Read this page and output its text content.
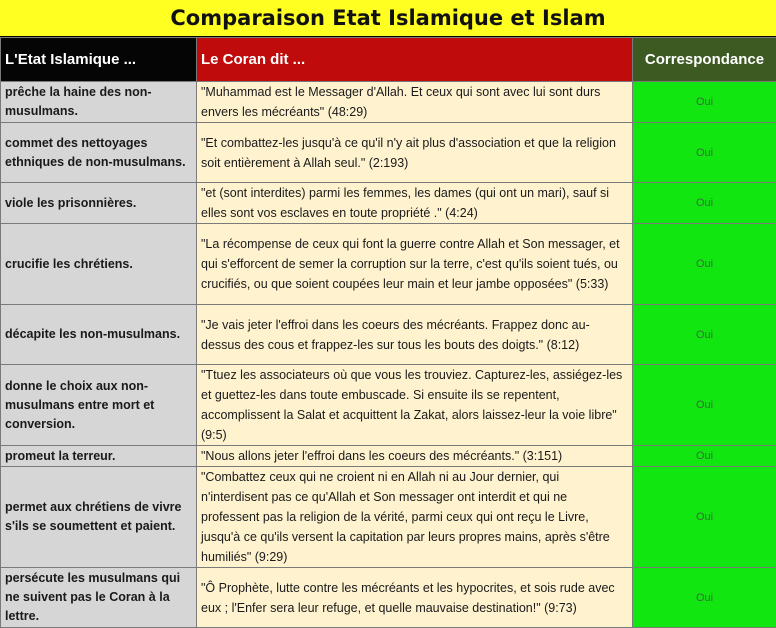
Comparaison Etat Islamique et Islam
L'Etat Islamique ...	Le Coran dit ...	Correspondance
prêche la haine des non-musulmans.	"Muhammad est le Messager d'Allah. Et ceux qui sont avec lui sont durs envers les mécréants" (48:29)	Oui
commet des nettoyages ethniques de non-musulmans.	"Et combattez-les jusqu'à ce qu'il n'y ait plus d'association et que la religion soit entièrement à Allah seul." (2:193)	Oui
viole les prisonnières.	"et (sont interdites) parmi les femmes, les dames (qui ont un mari), sauf si elles sont vos esclaves en toute propriété ." (4:24)	Oui
crucifie les chrétiens.	"La récompense de ceux qui font la guerre contre Allah et Son messager, et qui s'efforcent de semer la corruption sur la terre, c'est qu'ils soient tués, ou crucifiés, ou que soient coupées leur main et leur jambe opposées" (5:33)	Oui
décapite les non-musulmans.	"Je vais jeter l'effroi dans les coeurs des mécréants. Frappez donc au-dessus des cous et frappez-les sur tous les bouts des doigts." (8:12)	Oui
donne le choix aux non-musulmans entre mort et conversion.	"Ttuez les associateurs où que vous les trouviez. Capturez-les, assiégez-les et guettez-les dans toute embuscade. Si ensuite ils se repentent, accomplissent la Salat et acquittent la Zakat, alors laissez-leur la voie libre" (9:5)	Oui
promeut la terreur.	"Nous allons jeter l'effroi dans les coeurs des mécréants." (3:151)	Oui
permet aux chrétiens de vivre s'ils se soumettent et paient.	"Combattez ceux qui ne croient ni en Allah ni au Jour dernier, qui n'interdisent pas ce qu'Allah et Son messager ont interdit et qui ne professent pas la religion de la vérité, parmi ceux qui ont reçu le Livre, jusqu'à ce qu'ils versent la capitation par leurs propres mains, après s'être humiliés" (9:29)	Oui
persécute les musulmans qui ne suivent pas le Coran à la lettre.	"Ô Prophète, lutte contre les mécréants et les hypocrites, et sois rude avec eux ; l'Enfer sera leur refuge, et quelle mauvaise destination!" (9:73)	Oui
